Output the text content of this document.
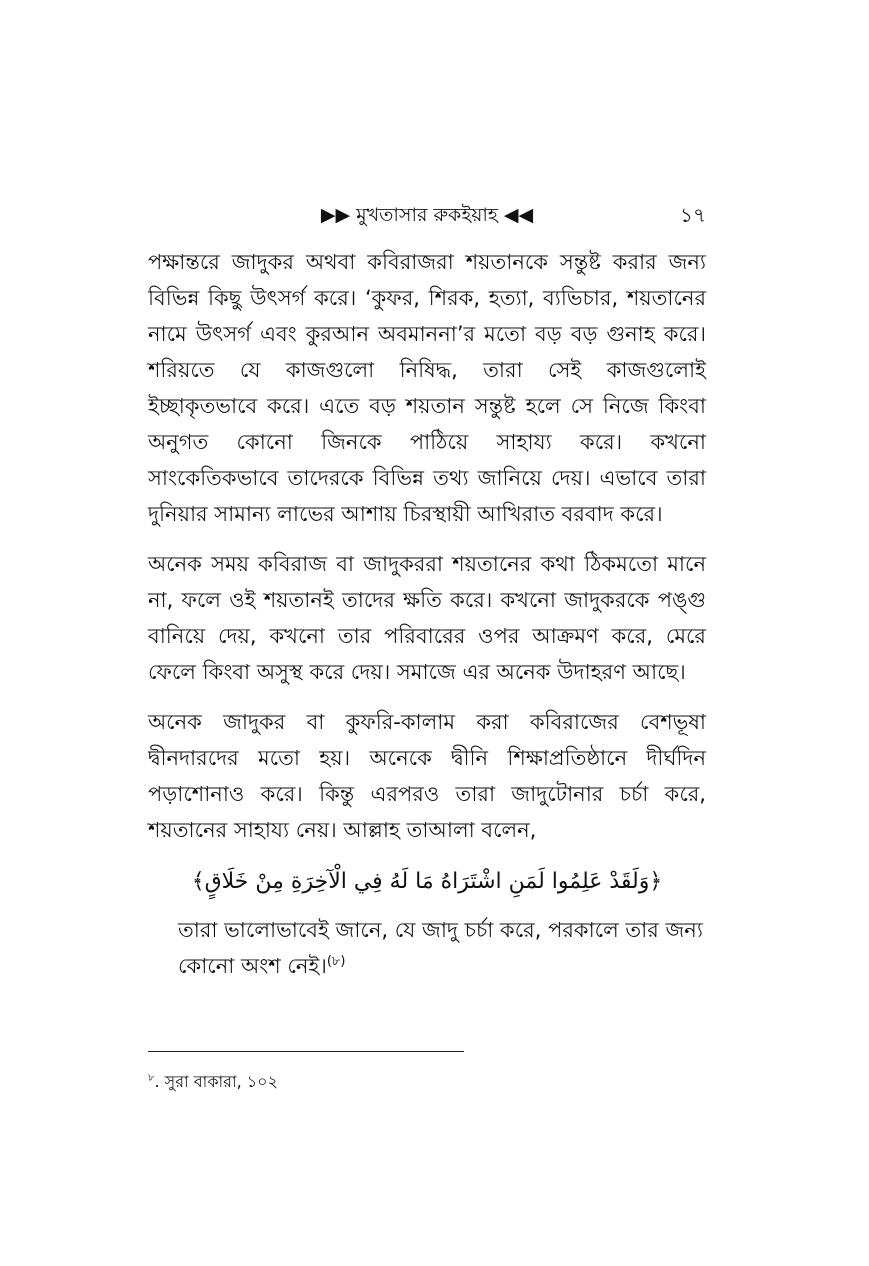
▶▶ মুখতাসার রুকইয়াহ ◀◀	১৭

পক্ষান্তরে জাদুকর অথবা কবিরাজরা শয়তানকে সন্তুষ্ট করার জন্য বিভিন্ন কিছু উৎসর্গ করে। ‘কুফর, শিরক, হত্যা, ব্যভিচার, শয়তানের নামে উৎসর্গ এবং কুরআন অবমাননা’র মতো বড় বড় গুনাহ করে। শরিয়তে যে কাজগুলো নিষিদ্ধ, তারা সেই কাজগুলোই ইচ্ছাকৃতভাবে করে। এতে বড় শয়তান সন্তুষ্ট হলে সে নিজে কিংবা অনুগত কোনো জিনকে পাঠিয়ে সাহায্য করে। কখনো সাংকেতিকভাবে তাদেরকে বিভিন্ন তথ্য জানিয়ে দেয়। এভাবে তারা দুনিয়ার সামান্য লাভের আশায় চিরস্থায়ী আখিরাত বরবাদ করে।

অনেক সময় কবিরাজ বা জাদুকররা শয়তানের কথা ঠিকমতো মানে না, ফলে ওই শয়তানই তাদের ক্ষতি করে। কখনো জাদুকরকে পঙ্গু বানিয়ে দেয়, কখনো তার পরিবারের ওপর আক্রমণ করে, মেরে ফেলে কিংবা অসুস্থ করে দেয়। সমাজে এর অনেক উদাহরণ আছে।

অনেক জাদুকর বা কুফরি-কালাম করা কবিরাজের বেশভূষা দ্বীনদারদের মতো হয়। অনেকে দ্বীনি শিক্ষাপ্রতিষ্ঠানে দীর্ঘদিন পড়াশোনাও করে। কিন্তু এরপরও তারা জাদুটোনার চর্চা করে, শয়তানের সাহায্য নেয়। আল্লাহ তাআলা বলেন,

﴿وَلَقَدْ عَلِمُوا لَمَنِ اشْتَرَاهُ مَا لَهُ فِي الْآخِرَةِ مِنْ خَلَاقٍ﴾

তারা ভালোভাবেই জানে, যে জাদু চর্চা করে, পরকালে তার জন্য কোনো অংশ নেই।$^{(৮)}$

$^৮$. সুরা বাকারা, ১০২
